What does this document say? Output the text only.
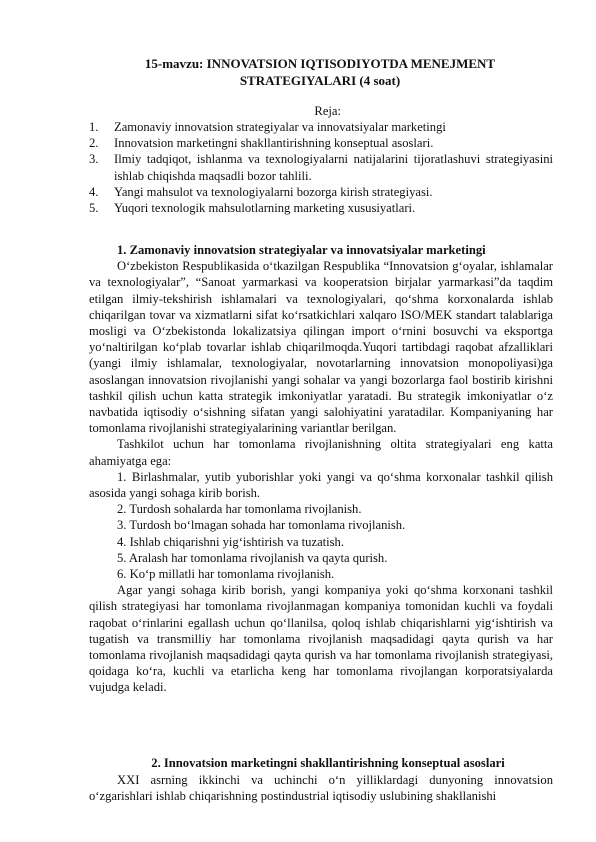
15-mavzu: INNOVATSION IQTISODIYOTDA MENEJMENT STRATEGIYALARI (4 soat)
Reja:
1. Zamonaviy innovatsion strategiyalar va innovatsiyalar marketingi
2. Innovatsion marketingni shakllantirishning konseptual asoslari.
3. Ilmiy tadqiqot, ishlanma va texnologiyalarni natijalarini tijoratlashuvi strategiyasini ishlab chiqishda maqsadli bozor tahlili.
4. Yangi mahsulot va texnologiyalarni bozorga kirish strategiyasi.
5. Yuqori texnologik mahsulotlarning marketing xususiyatlari.

1. Zamonaviy innovatsion strategiyalar va innovatsiyalar marketingi

O‘zbekiston Respublikasida o‘tkazilgan Respublika “Innovatsion g‘oyalar, ishlamalar va texnologiyalar”, “Sanoat yarmarkasi va kooperatsion birjalar yarmarkasi”da taqdim etilgan ilmiy-tekshirish ishlamalari va texnologiyalari, qo‘shma korxonalarda ishlab chiqarilgan tovar va xizmatlarni sifat ko‘rsatkichlari xalqaro ISO/MEK standart talablariga mosligi va O‘zbekistonda lokalizatsiya qilingan import o‘rnini bosuvchi va eksportga yo‘naltirilgan ko‘plab tovarlar ishlab chiqarilmoqda.Yuqori tartibdagi raqobat afzalliklari (yangi ilmiy ishlamalar, texnologiyalar, novotarlarning innovatsion monopoliyasi)ga asoslangan innovatsion rivojlanishi yangi sohalar va yangi bozorlarga faol bostirib kirishni tashkil qilish uchun katta strategik imkoniyatlar yaratadi. Bu strategik imkoniyatlar o‘z navbatida iqtisodiy o‘sishning sifatan yangi salohiyatini yaratadilar. Kompaniyaning har tomonlama rivojlanishi strategiyalarining variantlar berilgan.

Tashkilot uchun har tomonlama rivojlanishning oltita strategiyalari eng katta ahamiyatga ega:

1. Birlashmalar, yutib yuborishlar yoki yangi va qo‘shma korxonalar tashkil qilish asosida yangi sohaga kirib borish.

2. Turdosh sohalarda har tomonlama rivojlanish.

3. Turdosh bo‘lmagan sohada har tomonlama rivojlanish.

4. Ishlab chiqarishni yig‘ishtirish va tuzatish.

5. Aralash har tomonlama rivojlanish va qayta qurish.

6. Ko‘p millatli har tomonlama rivojlanish.

Agar yangi sohaga kirib borish, yangi kompaniya yoki qo‘shma korxonani tashkil qilish strategiyasi har tomonlama rivojlanmagan kompaniya tomonidan kuchli va foydali raqobat o‘rinlarini egallash uchun qo‘llanilsa, qoloq ishlab chiqarishlarni yig‘ishtirish va tugatish va transmilliy har tomonlama rivojlanish maqsadidagi qayta qurish va har tomonlama rivojlanish maqsadidagi qayta qurish va har tomonlama rivojlanish strategiyasi, qoidaga ko‘ra, kuchli va etarlicha keng har tomonlama rivojlangan korporatsiyalarda vujudga keladi.

2. Innovatsion marketingni shakllantirishning konseptual asoslari

XXI asrning ikkinchi va uchinchi o‘n yilliklardagi dunyoning innovatsion o‘zgarishlari ishlab chiqarishning postindustrial iqtisodiy uslubining shakllanishi
